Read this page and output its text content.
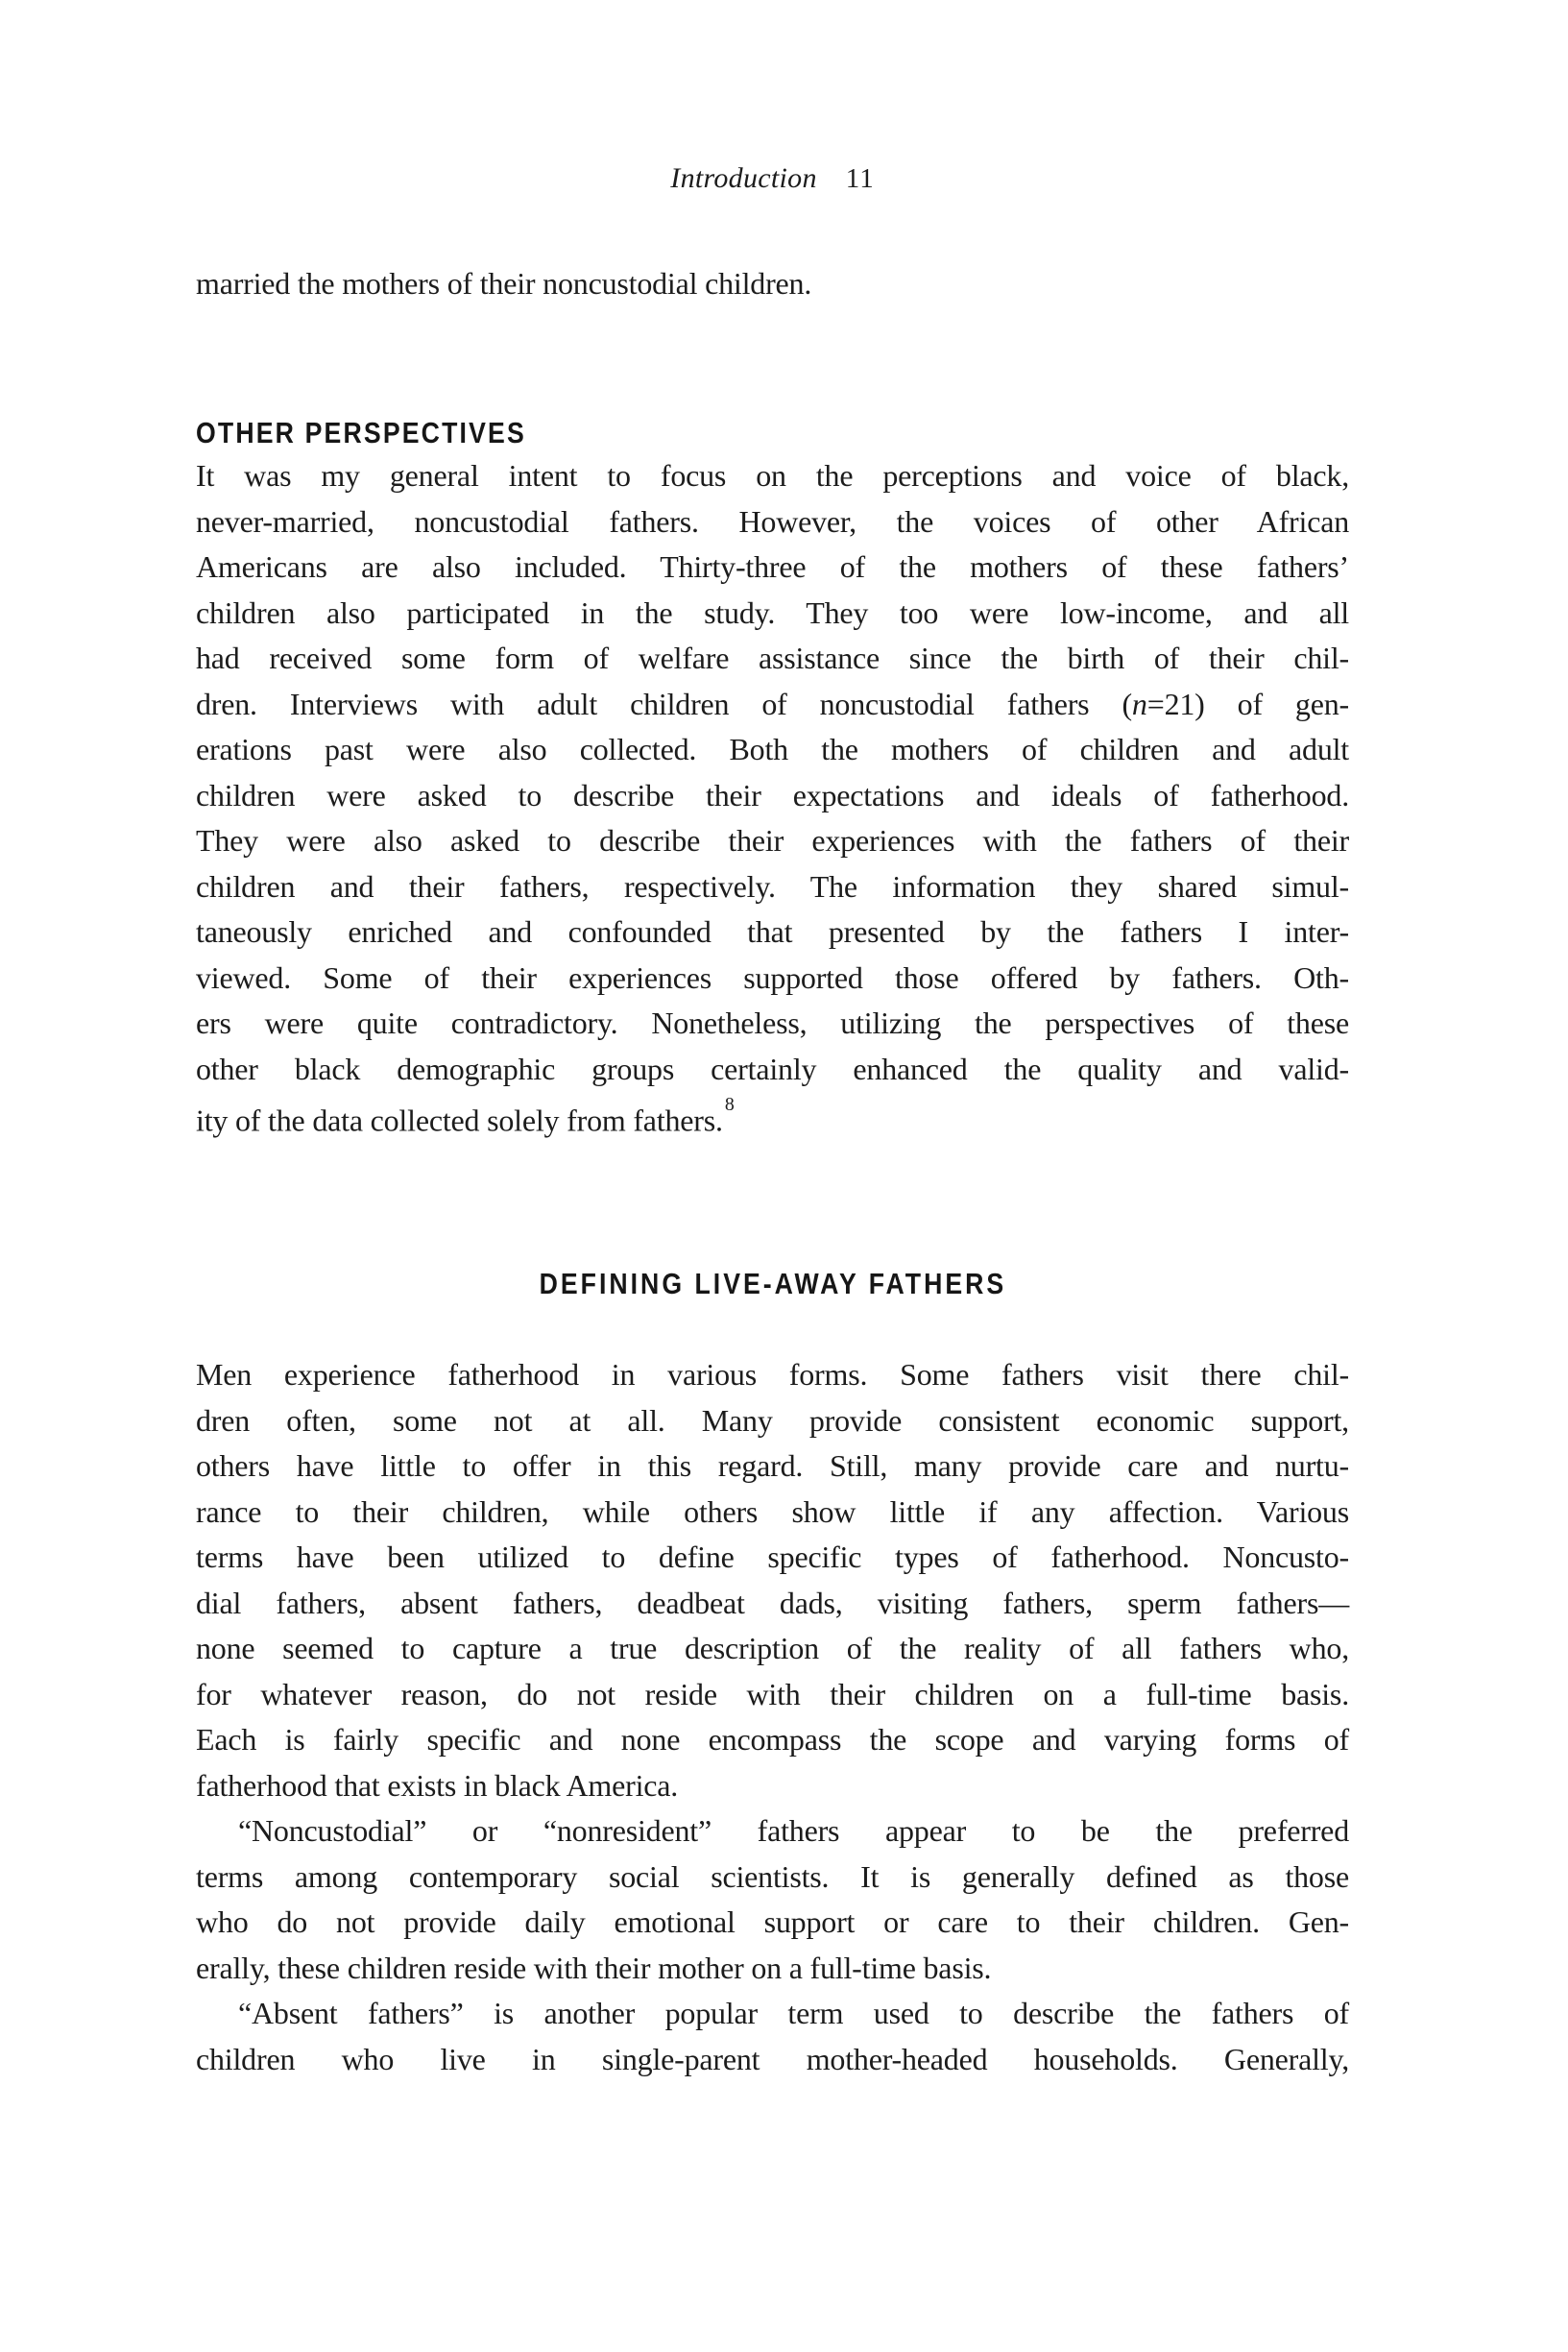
Introduction 11
married the mothers of their noncustodial children.
OTHER PERSPECTIVES
It was my general intent to focus on the perceptions and voice of black,
never-married, noncustodial fathers. However, the voices of other African
Americans are also included. Thirty-three of the mothers of these fathers’
children also participated in the study. They too were low-income, and all
had received some form of welfare assistance since the birth of their chil-
dren. Interviews with adult children of noncustodial fathers (n=21) of gen-
erations past were also collected. Both the mothers of children and adult
children were asked to describe their expectations and ideals of fatherhood.
They were also asked to describe their experiences with the fathers of their
children and their fathers, respectively. The information they shared simul-
taneously enriched and confounded that presented by the fathers I inter-
viewed. Some of their experiences supported those offered by fathers. Oth-
ers were quite contradictory. Nonetheless, utilizing the perspectives of these
other black demographic groups certainly enhanced the quality and valid-
ity of the data collected solely from fathers. $^8$
DEFINING LIVE-AWAY FATHERS
Men experience fatherhood in various forms. Some fathers visit there chil-
dren often, some not at all. Many provide consistent economic support,
others have little to offer in this regard. Still, many provide care and nurtu-
rance to their children, while others show little if any affection. Various
terms have been utilized to define specific types of fatherhood. Noncusto-
dial fathers, absent fathers, deadbeat dads, visiting fathers, sperm fathers—
none seemed to capture a true description of the reality of all fathers who,
for whatever reason, do not reside with their children on a full-time basis.
Each is fairly specific and none encompass the scope and varying forms of
fatherhood that exists in black America.
“Noncustodial” or “nonresident” fathers appear to be the preferred
terms among contemporary social scientists. It is generally defined as those
who do not provide daily emotional support or care to their children. Gen-
erally, these children reside with their mother on a full-time basis.
“Absent fathers” is another popular term used to describe the fathers of
children who live in single-parent mother-headed households. Generally,
